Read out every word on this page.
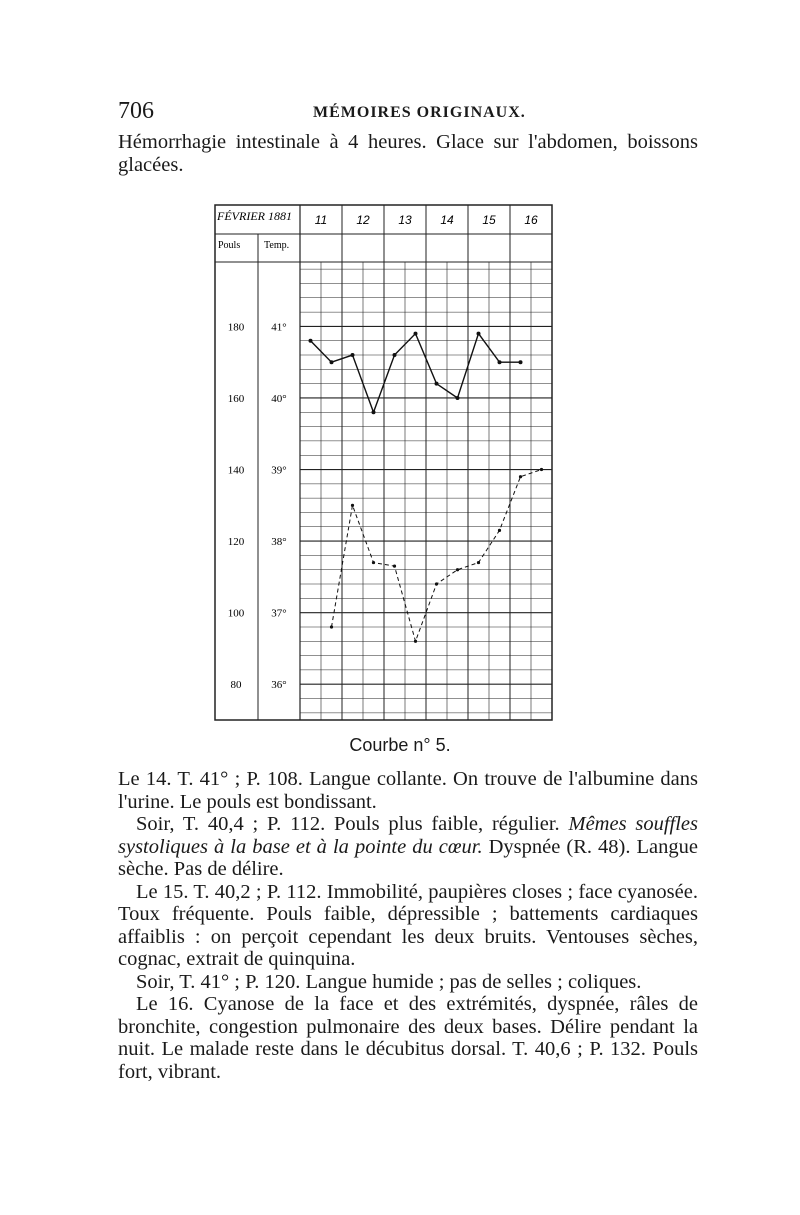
706	MÉMOIRES ORIGINAUX.
Hémorrhagie intestinale à 4 heures. Glace sur l'abdomen, boissons glacées.
FÉVRIER 1881
Pouls Temp.
11 12 13 14 15 16
180 41°
160 40°
140 39°
120 38°
100 37°
80	36°
Courbe n° 5.

Le 14. T. 41° ; P. 108. Langue collante. On trouve de l'albumine dans l'urine. Le pouls est bondissant.

Soir, T. 40,4 ; P. 112. Pouls plus faible, régulier. Mêmes souffles systoliques à la base et à la pointe du cœur. Dyspnée (R. 48). Langue sèche. Pas de délire.

Le 15. T. 40,2 ; P. 112. Immobilité, paupières closes ; face cyanosée. Toux fréquente. Pouls faible, dépressible ; battements cardiaques affaiblis : on perçoit cependant les deux bruits. Ventouses sèches, cognac, extrait de quinquina.

Soir, T. 41° ; P. 120. Langue humide ; pas de selles ; coliques.

Le 16. Cyanose de la face et des extrémités, dyspnée, râles de bronchite, congestion pulmonaire des deux bases. Délire pendant la nuit. Le malade reste dans le décubitus dorsal. T. 40,6 ; P. 132. Pouls fort, vibrant.
